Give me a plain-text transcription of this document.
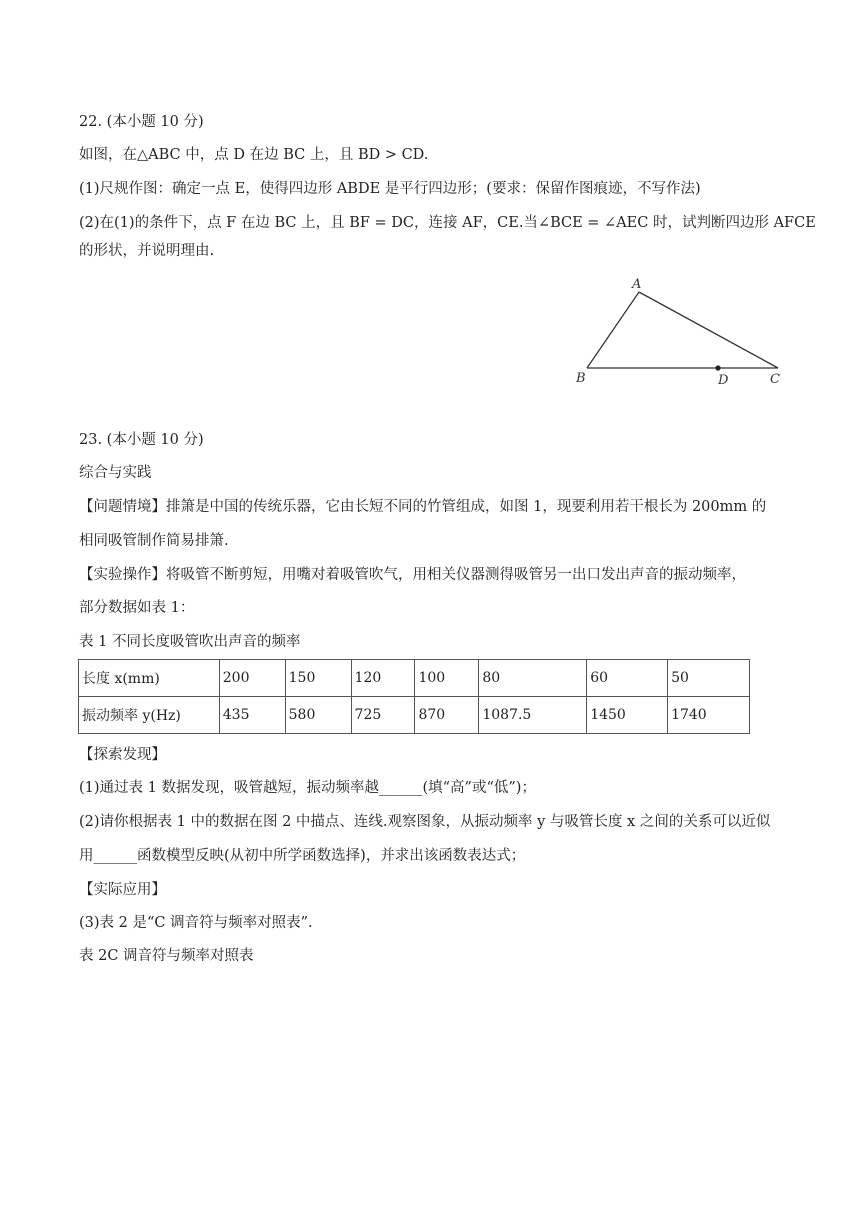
22. (本小题 10 分)
如图，在△ABC 中，点 D 在边 BC 上，且 BD > CD.
(1)尺规作图：确定一点 E，使得四边形 ABDE 是平行四边形；(要求：保留作图痕迹，不写作法)
(2)在(1)的条件下，点 F 在边 BC 上，且 BF = DC，连接 AF，CE.当∠BCE = ∠AEC 时，试判断四边形 AFCE
的形状，并说明理由.
A
B	D	C
23. (本小题 10 分)
综合与实践
【问题情境】排箫是中国的传统乐器，它由长短不同的竹管组成，如图 1，现要利用若干根长为 200mm 的
相同吸管制作简易排箫.
【实验操作】将吸管不断剪短，用嘴对着吸管吹气，用相关仪器测得吸管另一出口发出声音的振动频率，
部分数据如表 1：
表 1 不同长度吸管吹出声音的频率
长度 x(mm)	200	150	120	100	80	60	50
振动频率 y(Hz)	435	580	725	870	1087.5	1450	1740
【探索发现】
(1)通过表 1 数据发现，吸管越短，振动频率越______(填“高”或“低”)；
(2)请你根据表 1 中的数据在图 2 中描点、连线.观察图象，从振动频率 y 与吸管长度 x 之间的关系可以近似
用______函数模型反映(从初中所学函数选择)，并求出该函数表达式；
【实际应用】
(3)表 2 是“C 调音符与频率对照表”.
表 2C 调音符与频率对照表
